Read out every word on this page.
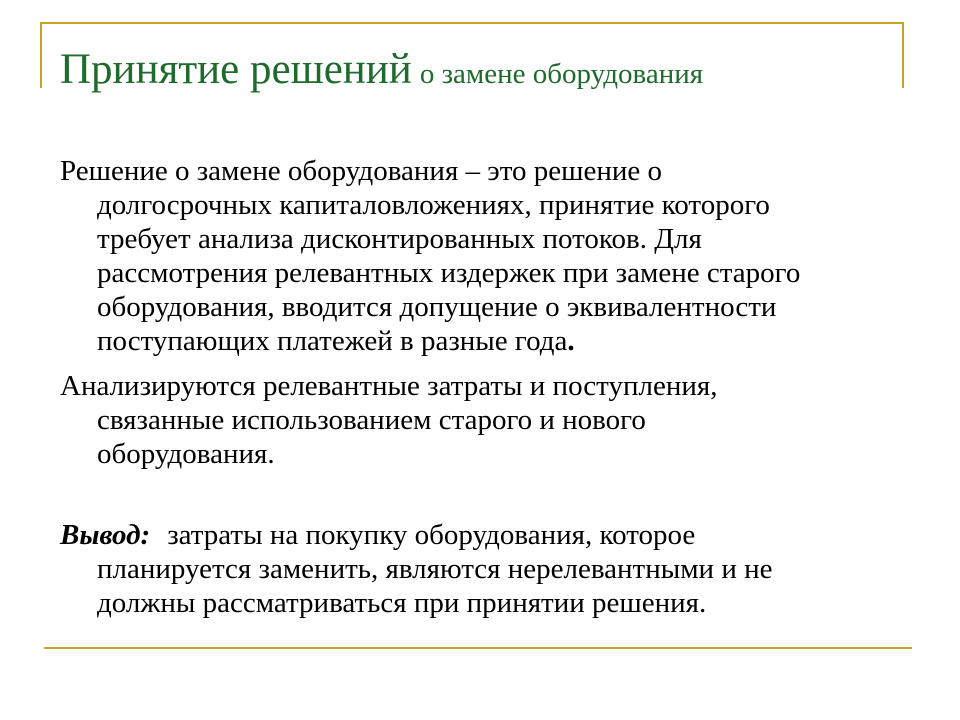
Принятие решений о замене оборудования
Решение о замене оборудования – это решение о
долгосрочных капиталовложениях, принятие которого
требует анализа дисконтированных потоков. Для
рассмотрения релевантных издержек при замене старого
оборудования, вводится допущение о эквивалентности
поступающих платежей в разные года.
Анализируются релевантные затраты и поступления,
связанные использованием старого и нового
оборудования.
Вывод: затраты на покупку оборудования, которое
планируется заменить, являются нерелевантными и не
должны рассматриваться при принятии решения.
